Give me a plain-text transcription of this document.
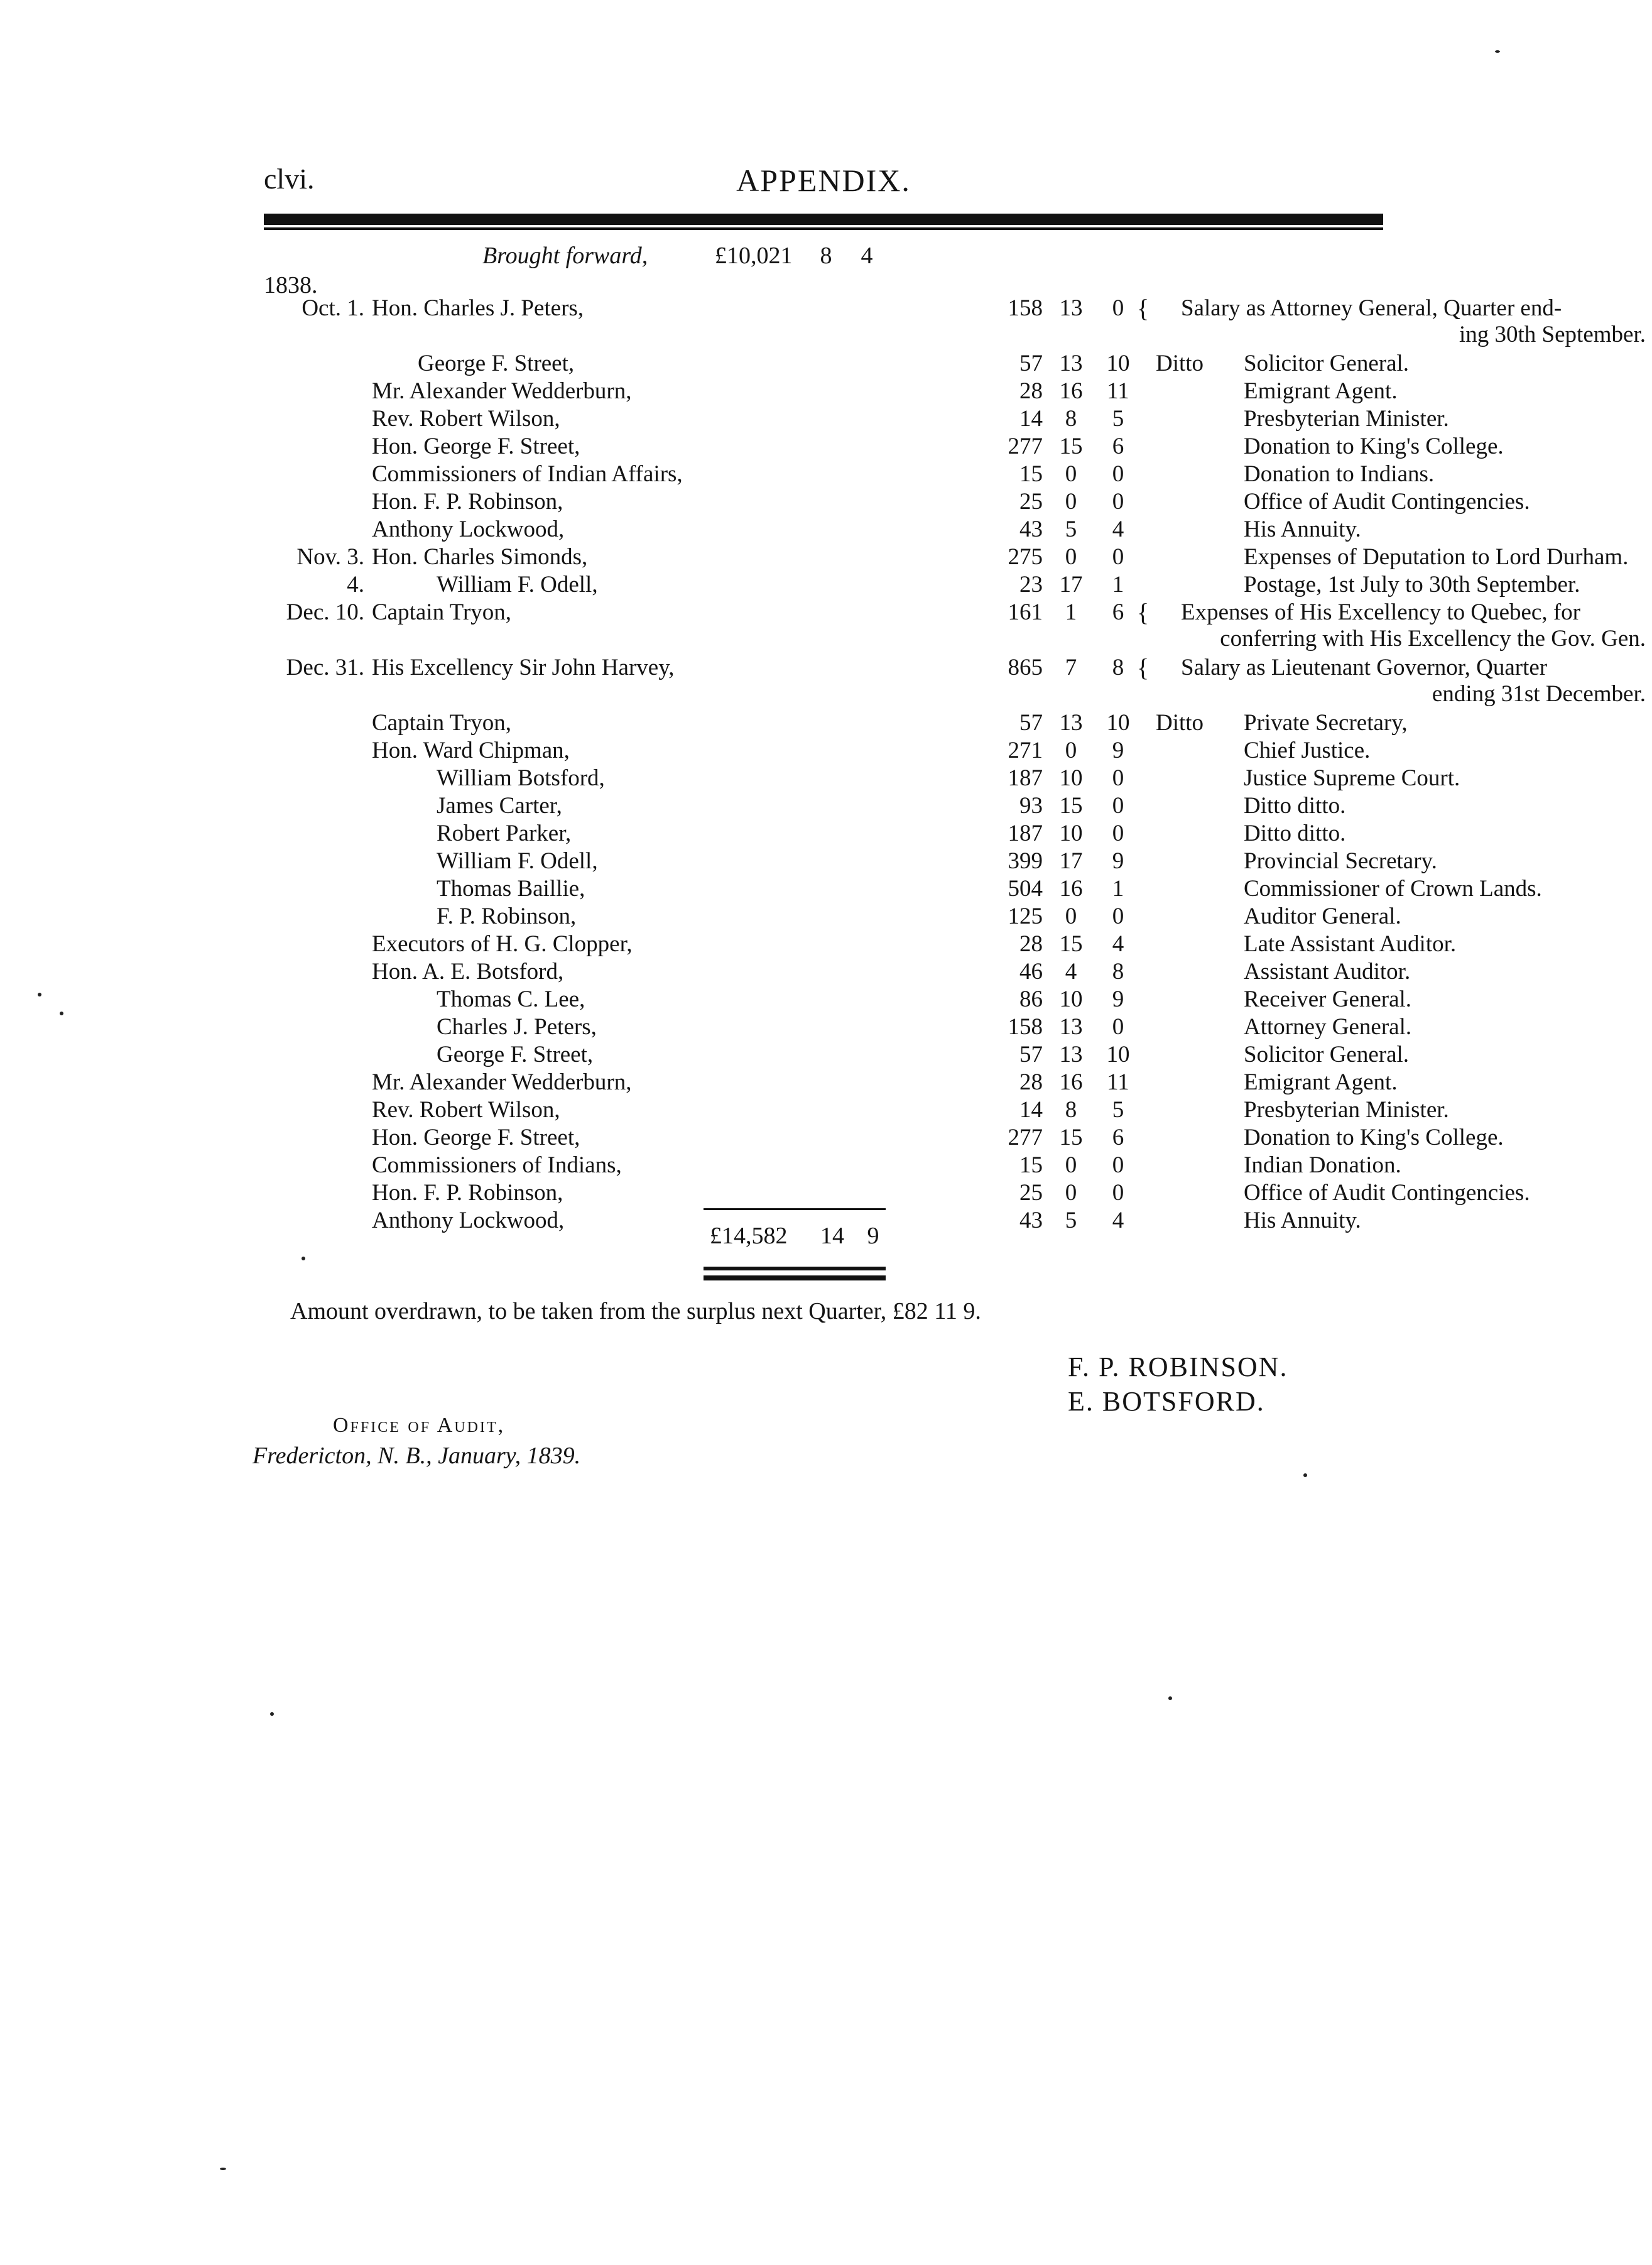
clvi.	APPENDIX.
Brought forward,	£10,021	8	4
1838.
Oct. 1. Hon. Charles J. Peters,	158 13	0 { Salary as Attorney General, Quarter end-
ing 30th September.
George F. Street,	57 13	10	Ditto Solicitor General.
Mr. Alexander Wedderburn,	28 16	11	Emigrant Agent.
Rev. Robert Wilson,	14 8	5	Presbyterian Minister.
Hon. George F. Street,	277 15	6	Donation to King's College.
Commissioners of Indian Affairs,	15 0	0	Donation to Indians.
Hon. F. P. Robinson,	25 0	0	Office of Audit Contingencies.
Anthony Lockwood,	43 5	4	His Annuity.
Nov. 3. Hon. Charles Simonds,	275 0	0	Expenses of Deputation to Lord Durham.
4.	William F. Odell,	23 17	1	Postage, 1st July to 30th September.
Dec. 10. Captain Tryon,	161 1	6 { Expenses of His Excellency to Quebec, for
conferring with His Excellency the Gov. Gen.
Dec. 31. His Excellency Sir John Harvey,	865 7	8 { Salary as Lieutenant Governor, Quarter
ending 31st December.
Captain Tryon,	57 13	10	Ditto Private Secretary,
Hon. Ward Chipman,	271 0	9	Chief Justice.
William Botsford,	187 10	0	Justice Supreme Court.
James Carter,	93 15	0	Ditto ditto.
Robert Parker,	187 10	0	Ditto ditto.
William F. Odell,	399 17	9	Provincial Secretary.
Thomas Baillie,	504 16	1	Commissioner of Crown Lands.
F. P. Robinson,	125 0	0	Auditor General.
Executors of H. G. Clopper,	28 15	4	Late Assistant Auditor.
Hon. A. E. Botsford,	46 4	8	Assistant Auditor.
Thomas C. Lee,	86 10	9	Receiver General.
Charles J. Peters,	158 13	0	Attorney General.
George F. Street,	57 13	10	Solicitor General.
Mr. Alexander Wedderburn,	28 16	11	Emigrant Agent.
Rev. Robert Wilson,	14 8	5	Presbyterian Minister.
Hon. George F. Street,	277 15	6	Donation to King's College.
Commissioners of Indians,	15 0	0	Indian Donation.
Hon. F. P. Robinson,	25 0	0	Office of Audit Contingencies.
Anthony Lockwood,	43 5	4	His Annuity.
£14,582	14 9
Amount overdrawn, to be taken from the surplus next Quarter, £82 11 9.
F. P. ROBINSON.
E. BOTSFORD.
Office of Audit,
Fredericton, N. B., January, 1839.
